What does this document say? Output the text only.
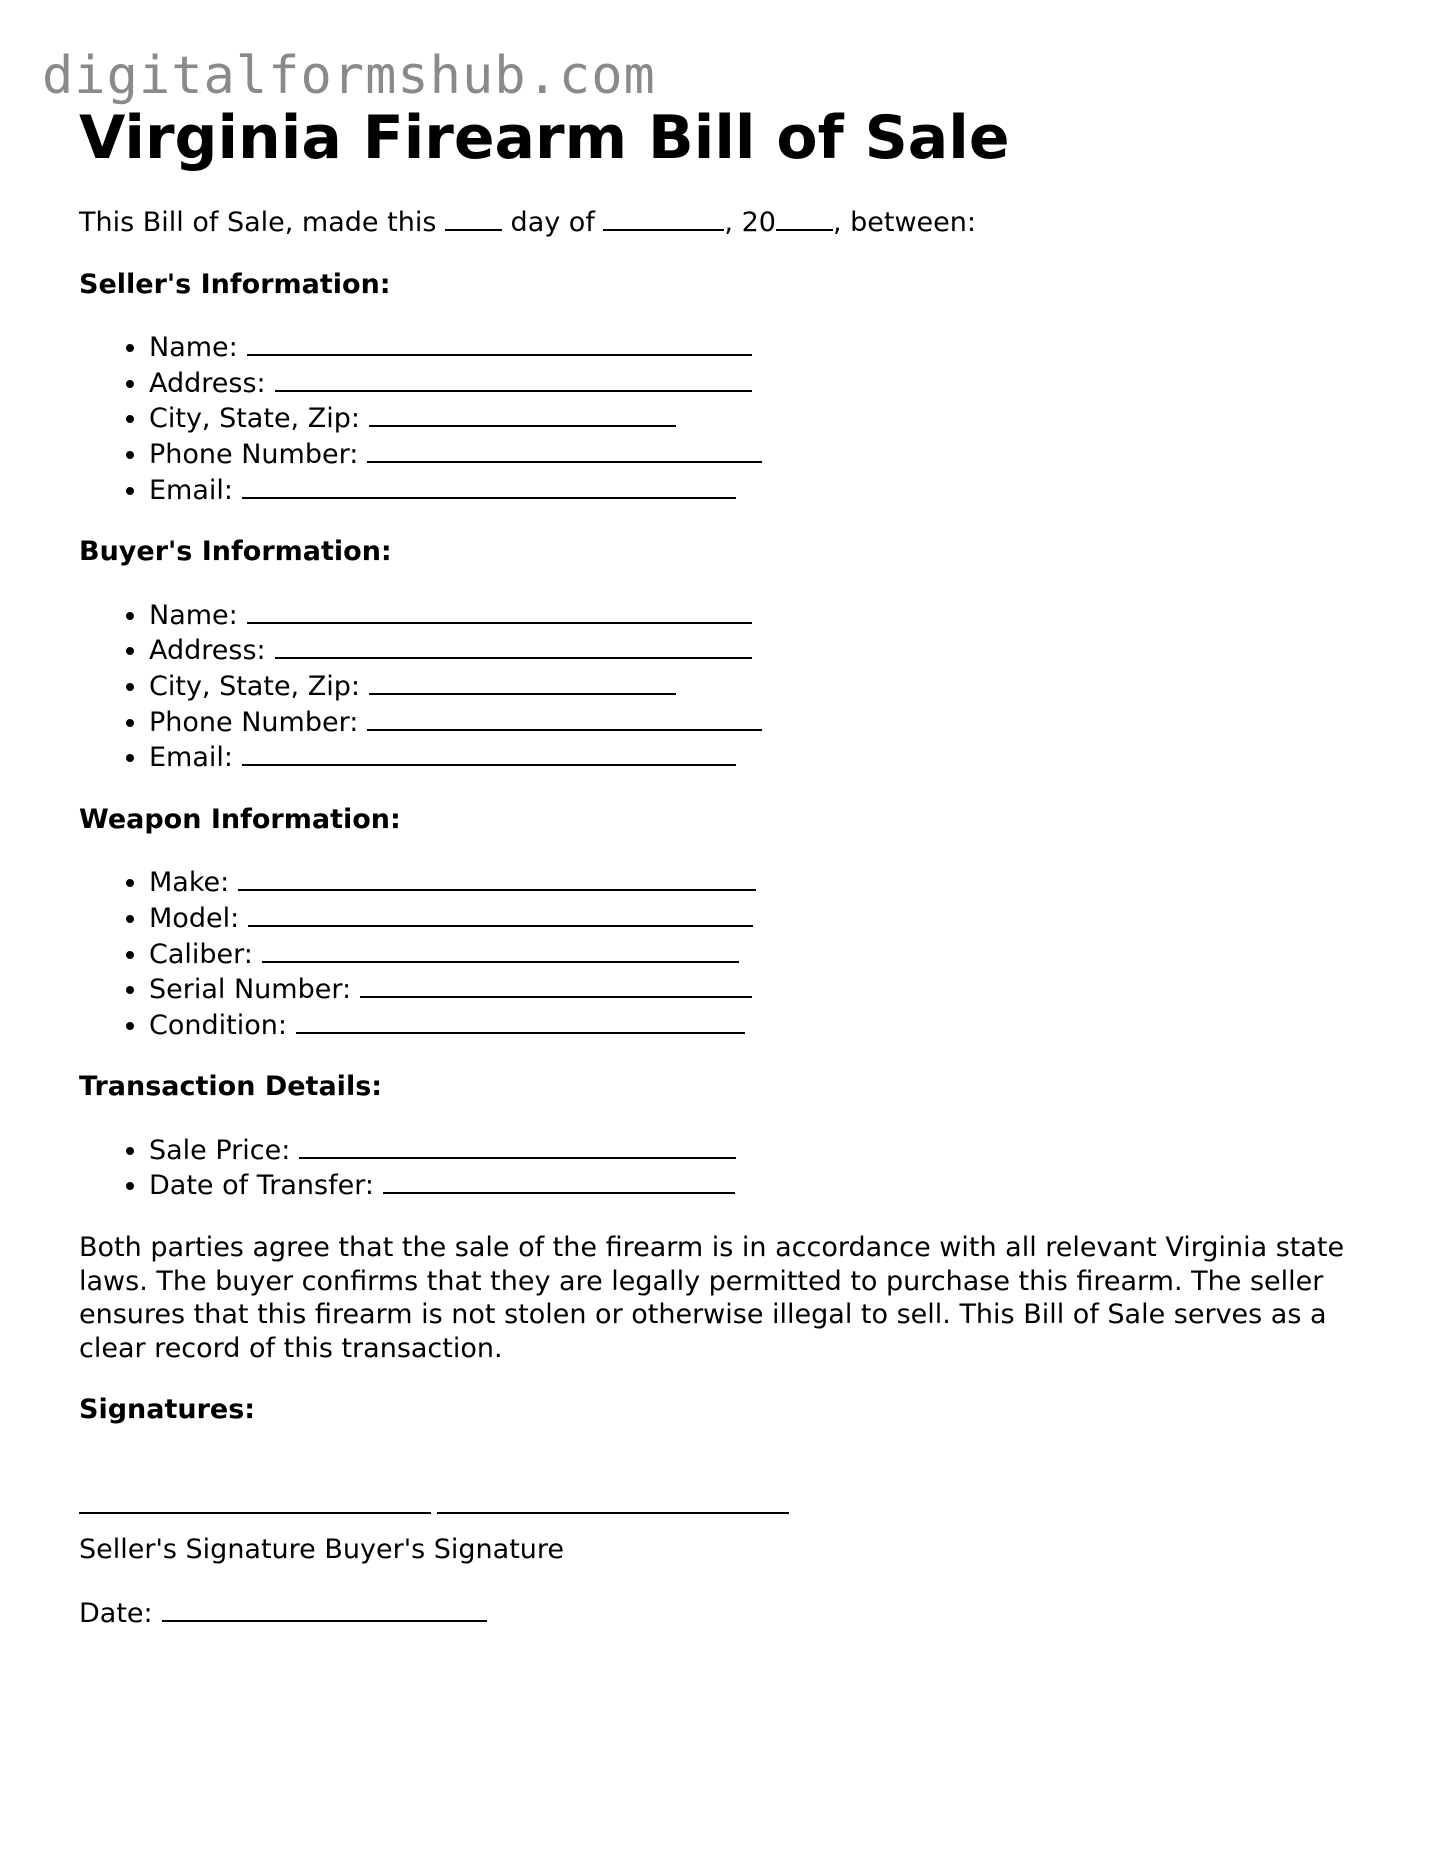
digitalformshub.com
Virginia Firearm Bill of Sale

This Bill of Sale, made this  day of	, 20 , between:

Seller's Information:
• Name:
• Address:
• City, State, Zip:
• Phone Number:
• Email:
Buyer's Information:
• Name:
• Address:
• City, State, Zip:
• Phone Number:
• Email:
Weapon Information:
• Make:
• Model:
• Caliber:
• Serial Number:
• Condition:
Transaction Details:
• Sale Price:
• Date of Transfer:

Both parties agree that the sale of the firearm is in accordance with all relevant Virginia state laws. The buyer confirms that they are legally permitted to purchase this firearm. The seller ensures that this firearm is not stolen or otherwise illegal to sell. This Bill of Sale serves as a clear record of this transaction.

Signatures:

Seller's Signature Buyer's Signature

Date:
